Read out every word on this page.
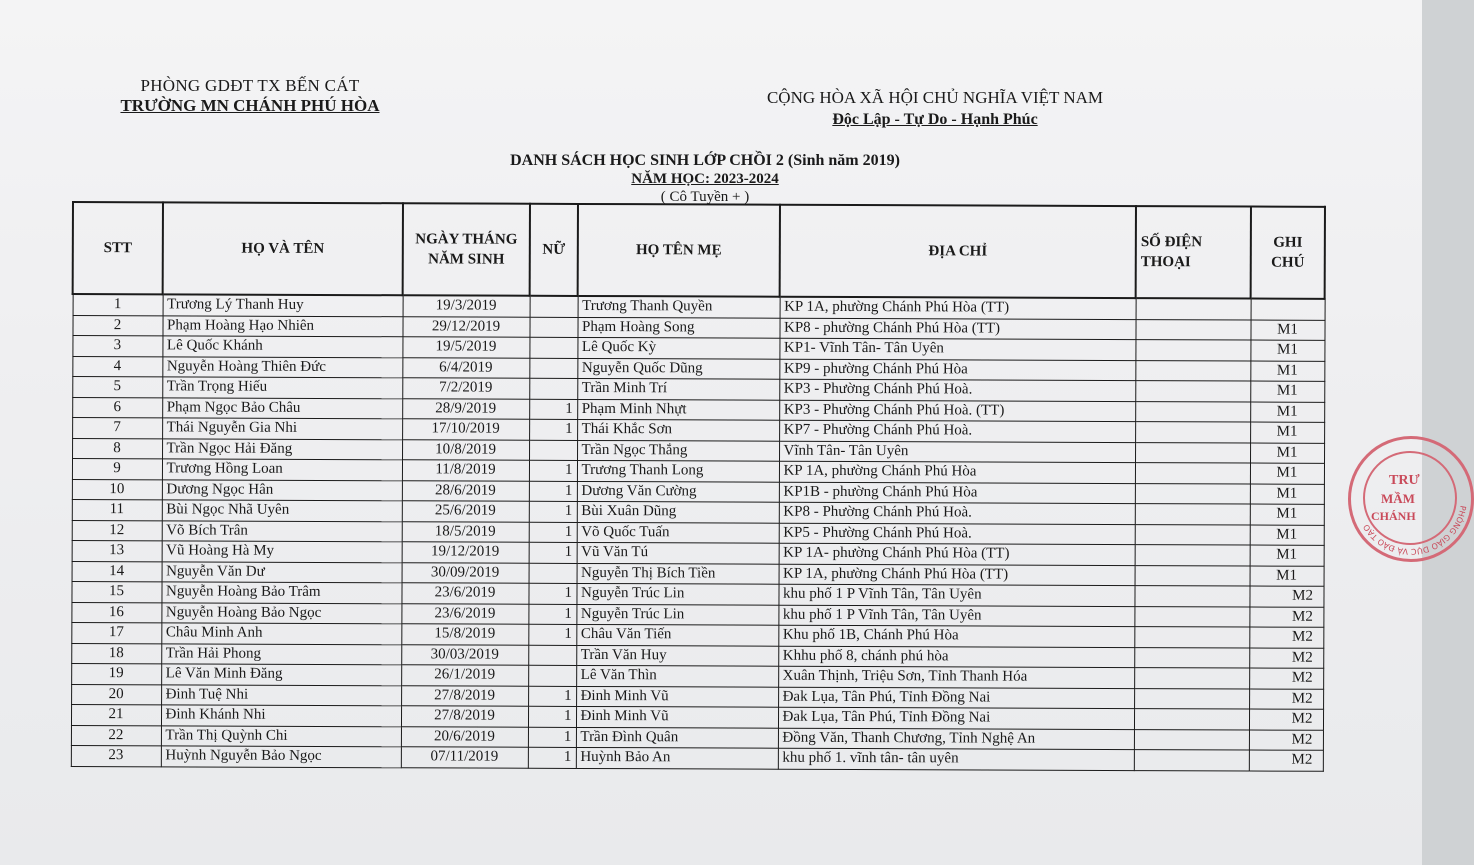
PHÒNG GDĐT TX BẾN CÁT
TRƯỜNG MN CHÁNH PHÚ HÒA	CỘNG HÒA XÃ HỘI CHỦ NGHĨA VIỆT NAM
Độc Lập - Tự Do - Hạnh Phúc
DANH SÁCH HỌC SINH LỚP CHỒI 2 (Sinh năm 2019)
NĂM HỌC: 2023-2024
( Cô Tuyền + )
STT	HỌ VÀ TÊN	NGÀY THÁNG NĂM SINH	NỮ	HỌ TÊN MẸ	ĐỊA CHỈ	SỐ ĐIỆN THOẠI	GHI CHÚ
1	Trương Lý Thanh Huy	19/3/2019		Trương Thanh Quyền	KP 1A, phường Chánh Phú Hòa (TT)		
2	Phạm Hoàng Hạo Nhiên	29/12/2019		Phạm Hoàng Song	KP8 - phường Chánh Phú Hòa (TT)		M1
3	Lê Quốc Khánh	19/5/2019		Lê Quốc Kỳ	KP1- Vĩnh Tân- Tân Uyên		M1
4	Nguyễn Hoàng Thiên Đức	6/4/2019		Nguyễn Quốc Dũng	KP9 - phường Chánh Phú Hòa		M1
5	Trần Trọng Hiếu	7/2/2019		Trần Minh Trí	KP3 - Phường Chánh Phú Hoà.		M1
6	Phạm Ngọc Bảo Châu	28/9/2019	1	Phạm Minh Nhựt	KP3 - Phường Chánh Phú Hoà. (TT)		M1
7	Thái Nguyễn Gia Nhi	17/10/2019	1	Thái Khắc Sơn	KP7 - Phường Chánh Phú Hoà.		M1
8	Trần Ngọc Hải Đăng	10/8/2019		Trần Ngọc Thắng	Vĩnh Tân- Tân Uyên		M1
9	Trương Hồng Loan	11/8/2019	1	Trương Thanh Long	KP 1A, phường Chánh Phú Hòa		M1
10	Dương Ngọc Hân	28/6/2019	1	Dương Văn Cường	KP1B - phường Chánh Phú Hòa		M1
11	Bùi Ngọc Nhã Uyên	25/6/2019	1	Bùi Xuân Dũng	KP8 - Phường Chánh Phú Hoà.		M1
12	Võ Bích Trân	18/5/2019	1	Võ Quốc Tuấn	KP5 - Phường Chánh Phú Hoà.		M1
13	Vũ Hoàng Hà My	19/12/2019	1	Vũ Văn Tú	KP 1A- phường Chánh Phú Hòa (TT)		M1
14	Nguyễn Văn Dư	30/09/2019		Nguyễn Thị Bích Tiền	KP 1A, phường Chánh Phú Hòa (TT)		M1
15	Nguyễn Hoàng Bảo Trâm	23/6/2019	1	Nguyễn Trúc Lin	khu phố 1 P Vĩnh Tân, Tân Uyên		M2
16	Nguyễn Hoàng Bảo Ngọc	23/6/2019	1	Nguyễn Trúc Lin	khu phố 1 P Vĩnh Tân, Tân Uyên		M2
17	Châu Minh Anh	15/8/2019	1	Châu Văn Tiến	Khu phố 1B, Chánh Phú Hòa		M2
18	Trần Hải Phong	30/03/2019		Trần Văn Huy	Khhu phố 8, chánh phú hòa		M2
19	Lê Văn Minh Đăng	26/1/2019		Lê Văn Thìn	Xuân Thịnh, Triệu Sơn, Tỉnh Thanh Hóa		M2
20	Đinh Tuệ Nhi	27/8/2019	1	Đinh Minh Vũ	Đak Lụa, Tân Phú, Tỉnh Đồng Nai		M2
21	Đinh Khánh Nhi	27/8/2019	1	Đinh Minh Vũ	Đak Lụa, Tân Phú, Tỉnh Đồng Nai		M2
22	Trần Thị Quỳnh Chi	20/6/2019	1	Trần Đình Quân	Đồng Văn, Thanh Chương, Tỉnh Nghệ An		M2
23	Huỳnh Nguyễn Bảo Ngọc	07/11/2019	1	Huỳnh Bảo An	khu phố 1. vĩnh tân- tân uyên		M2
PHÒNG GIÁO DỤC VÀ ĐÀO TẠO
TRƯ
MẦM
CHÁNH
